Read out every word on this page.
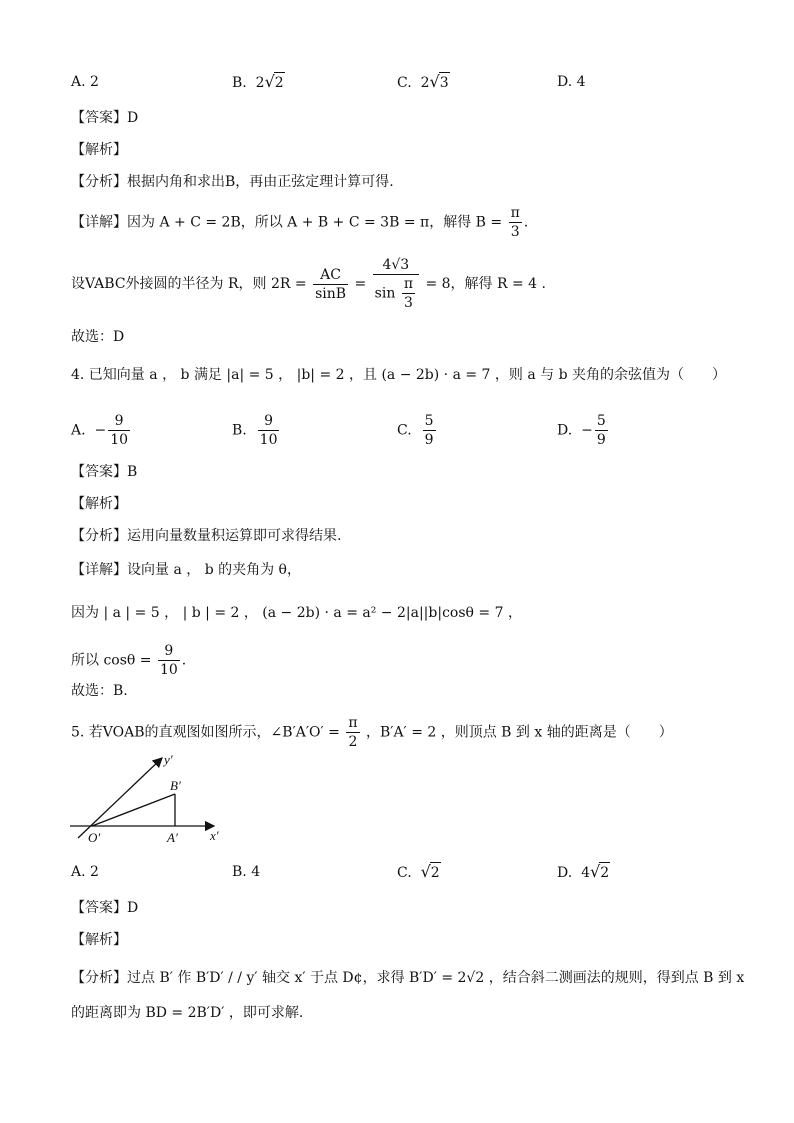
A. 2	B. 2√2	C. 2√3	D. 4
【答案】D
【解析】
【分析】根据内角和求出B，再由正弦定理计算可得.
【详解】因为 A + C = 2B，所以 A + B + C = 3B = π，解得 $B = \frac{\pi}{3}$ .
设VABC外接圆的半径为 R，则 $2R = \frac{AC}{\sin B} = \frac{4√3}{\sin \frac{\pi}{3}} = 8$，解得 R = 4 .
故选：D
4. 已知向量 a ， b 满足 |a| = 5 ， |b| = 2 ，且 (a − 2b) · a = 7 ，则 a 与 b 夹角的余弦值为（　　）
A. − $\frac{9}{10}$	B. $\frac{9}{10}$	C. $\frac{5}{9}$	D. − $\frac{5}{9}$
【答案】B
【解析】
【分析】运用向量数量积运算即可求得结果.
【详解】设向量 a ， b 的夹角为 θ，
因为 | a | = 5 ， | b | = 2 ， (a − 2b) · a = a² − 2|a||b|cosθ = 7 ，
所以 $\cos\theta = \frac{9}{10}$ .
故选：B.
5. 若VOAB的直观图如图所示，∠B′A′O′ = $\frac{\pi}{2}$ ，B′A′ = 2 ，则顶点 B 到 x 轴的距离是（　　）
y′
B′
O′	A′ x′
A. 2	B. 4	C. √2	D. 4√2
【答案】D
【解析】
【分析】过点 B′ 作 B′D′ / / y′ 轴交 x′ 于点 D¢，求得 B′D′ = 2√2 ，结合斜二测画法的规则，得到点 B 到 x
的距离即为 BD = 2B′D′ ，即可求解.
